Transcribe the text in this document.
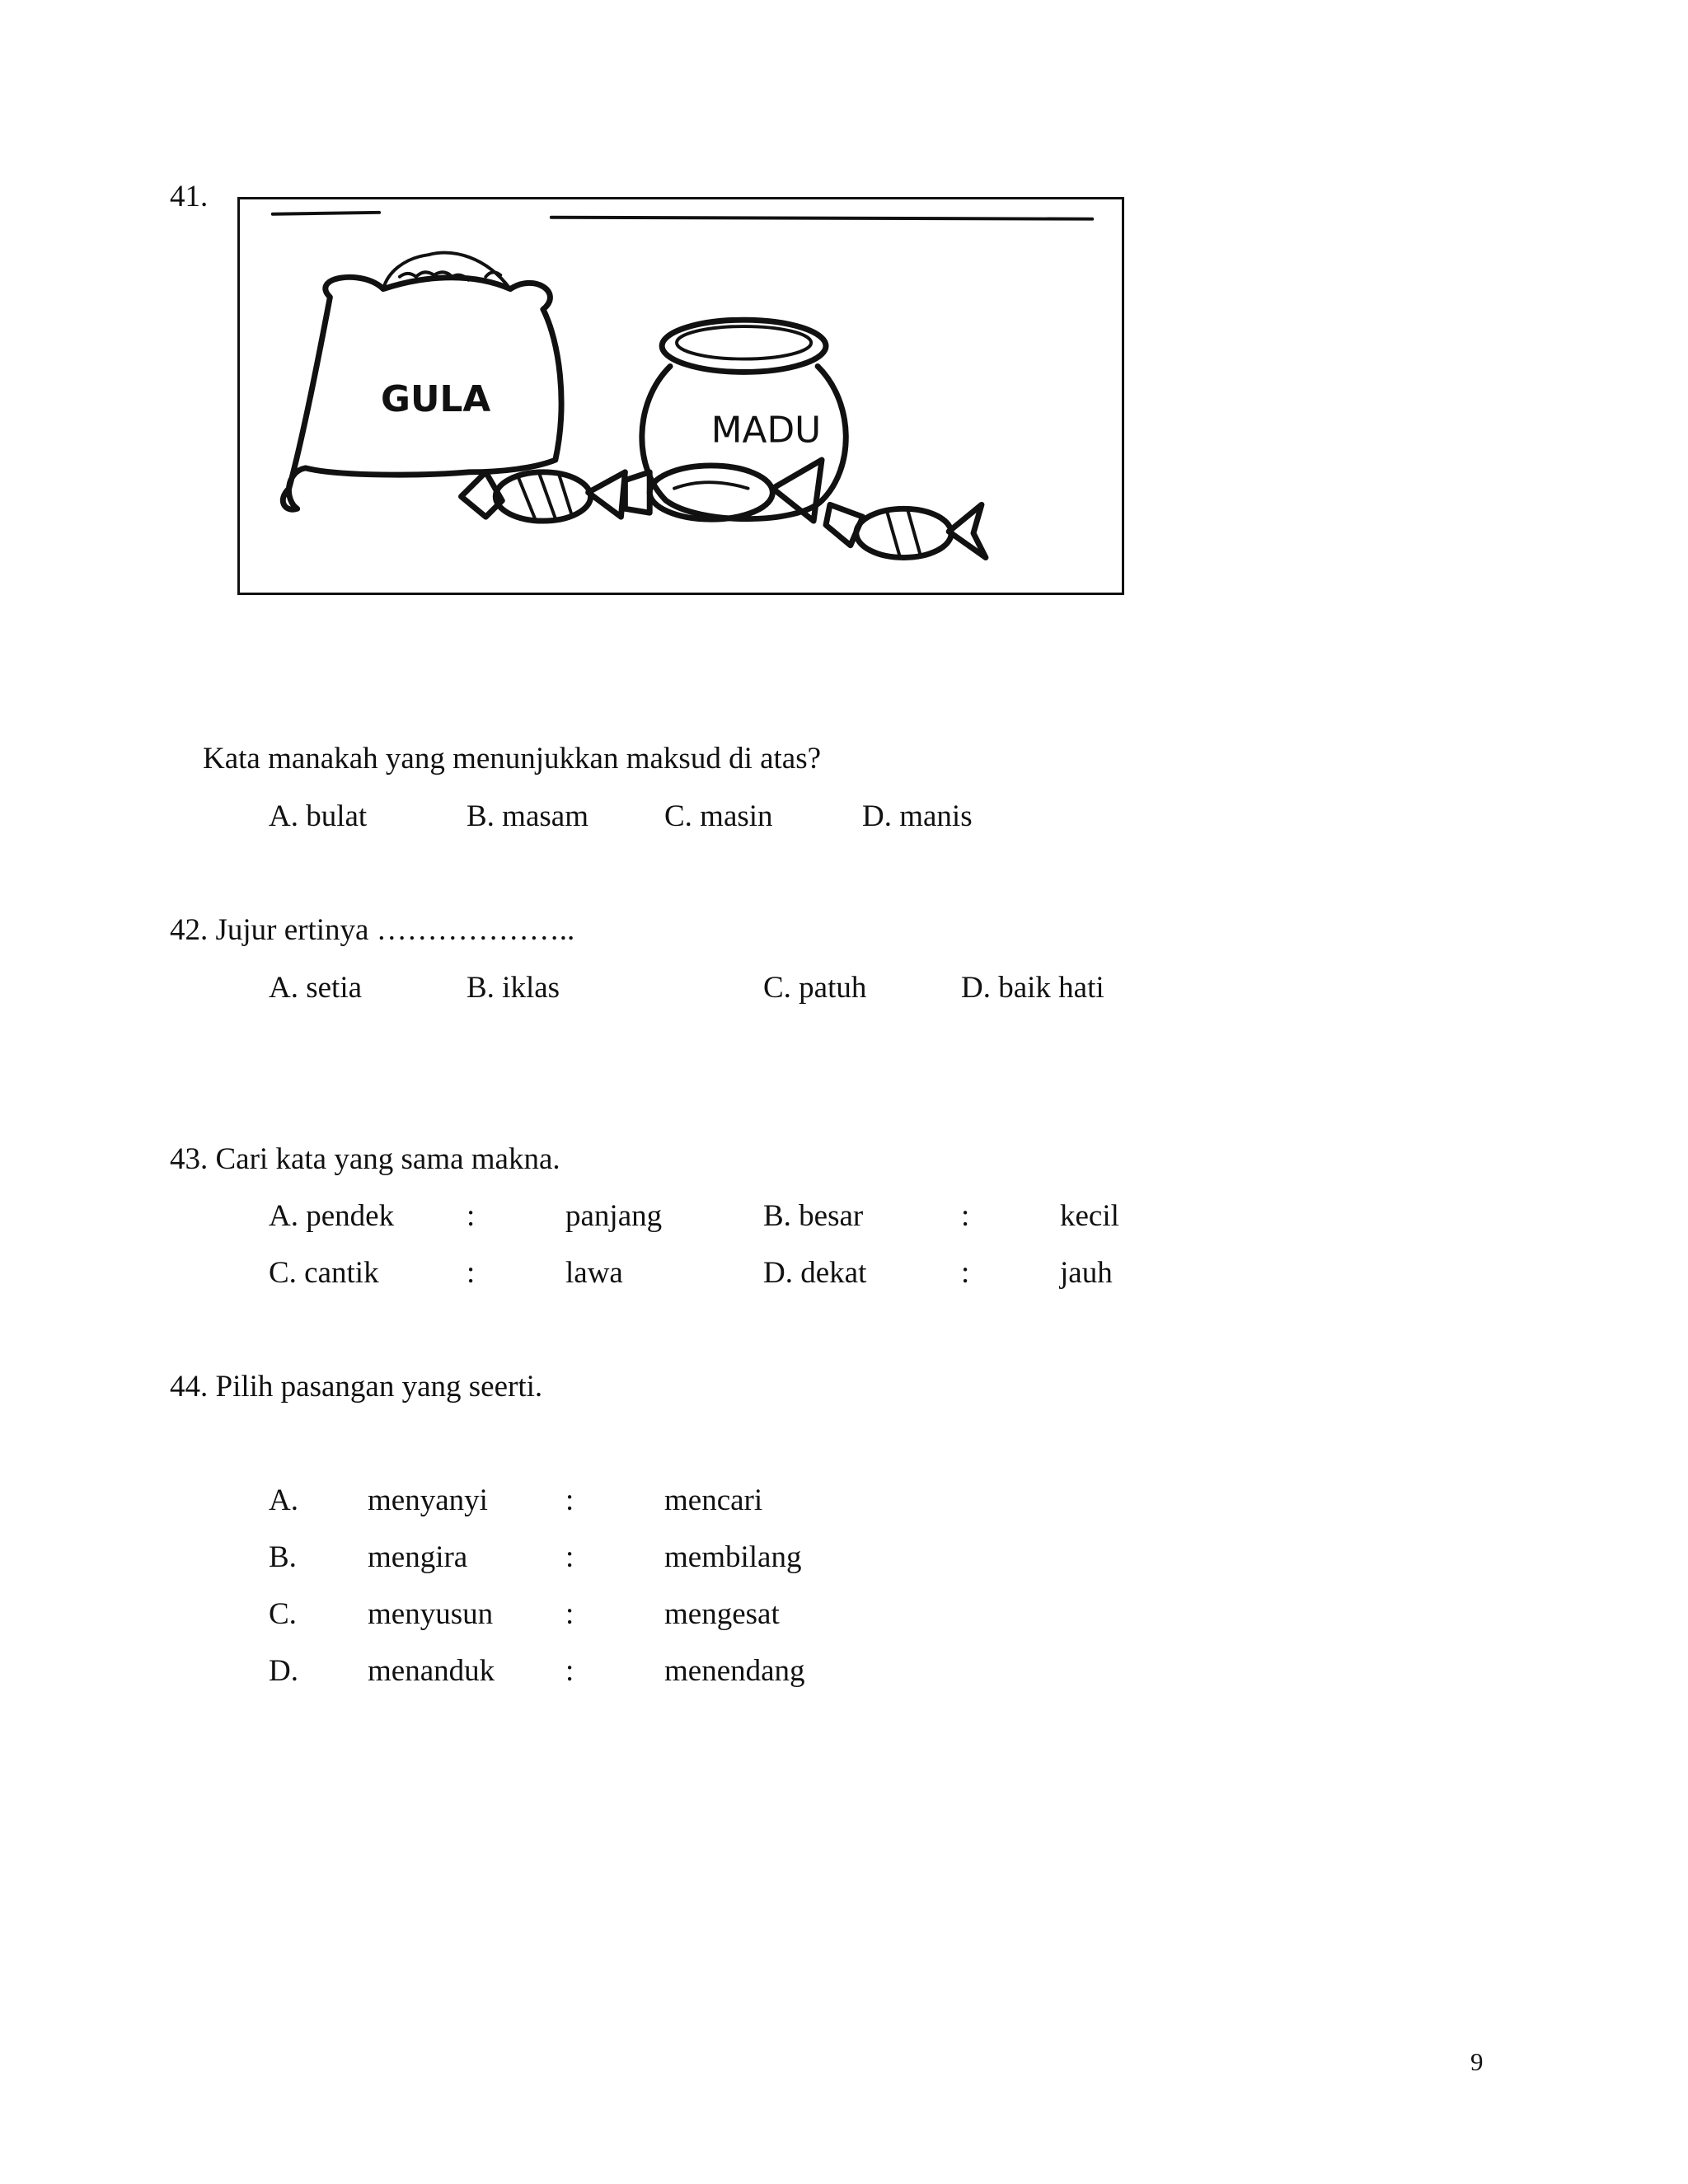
41.
GULA
MADU
Kata manakah yang menunjukkan maksud di atas?
A. bulat	B. masam C. masin	D. manis
42. Jujur ertinya ………………..
A. setia	B. iklas	C. patuh	D. baik hati
43. Cari kata yang sama makna.
A. pendek :	panjang	B. besar	:	kecil
C. cantik	:	lawa	D. dekat	:	jauh
44. Pilih pasangan yang seerti.
A. menyanyi	:	mencari
B. mengira	:	membilang
C. menyusun :	mengesat
D. menanduk :	menendang
9
